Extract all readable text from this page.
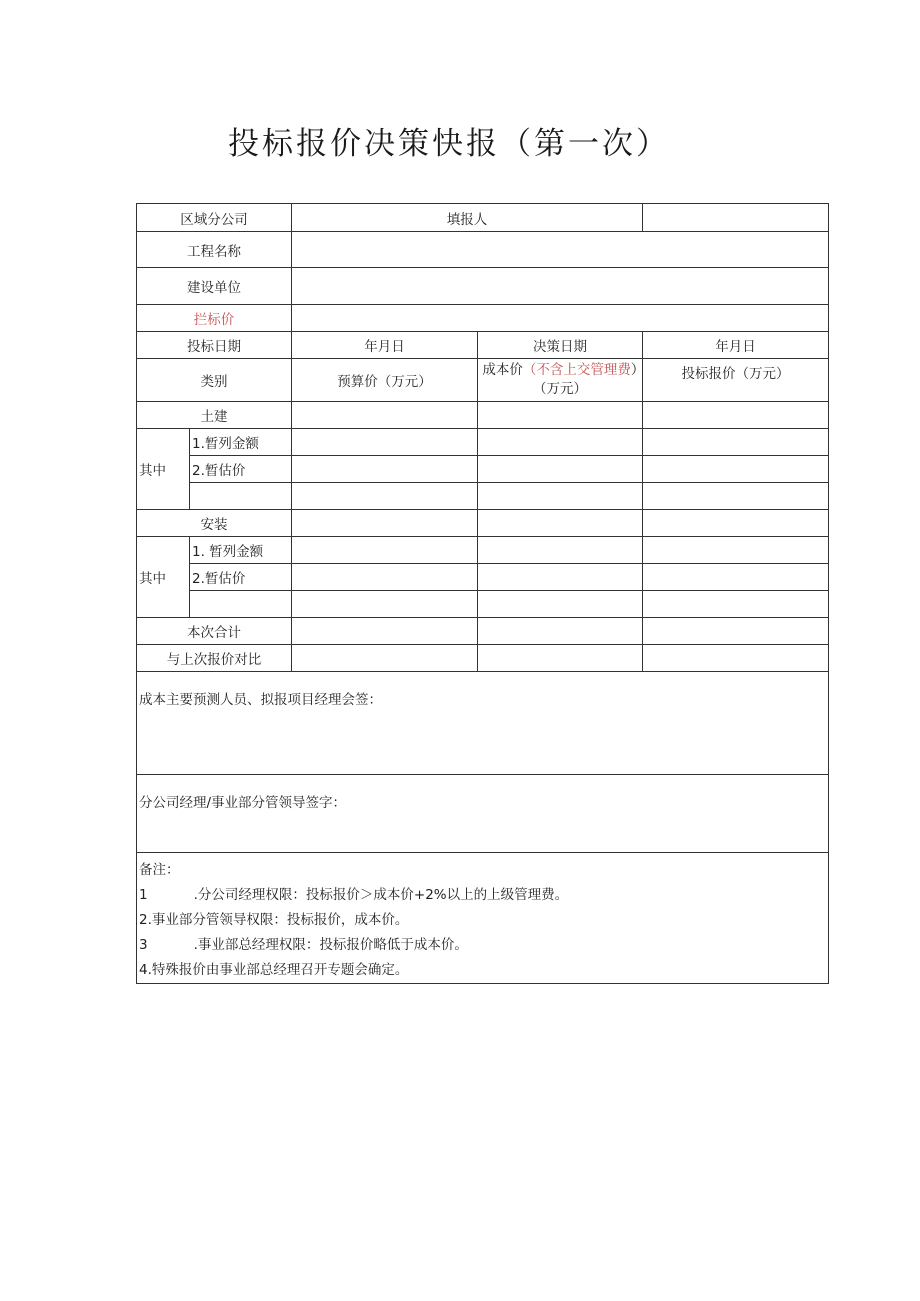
投标报价决策快报（第一次）
区域分公司		填报人		
工程名称				
建设单位				
拦标价				
投标日期		年月日	决策日期	年月日
类别		预算价（万元）	成本价（不含上交管理费）（万元）	投标报价（万元）
土建				
其中	1.暂列金额			
	2.暂估价			

安装				
其中	1. 暂列金额			
	2.暂估价			

本次合计				
与上次报价对比				
成本主要预测人员、拟报项目经理会签：				
分公司经理/事业部分管领导签字：				

备注：
1 .分公司经理权限：投标报价＞成本价+2%以上的上级管理费。
2.事业部分管领导权限：投标报价，成本价。
3 .事业部总经理权限：投标报价略低于成本价。
4.特殊报价由事业部总经理召开专题会确定。				
